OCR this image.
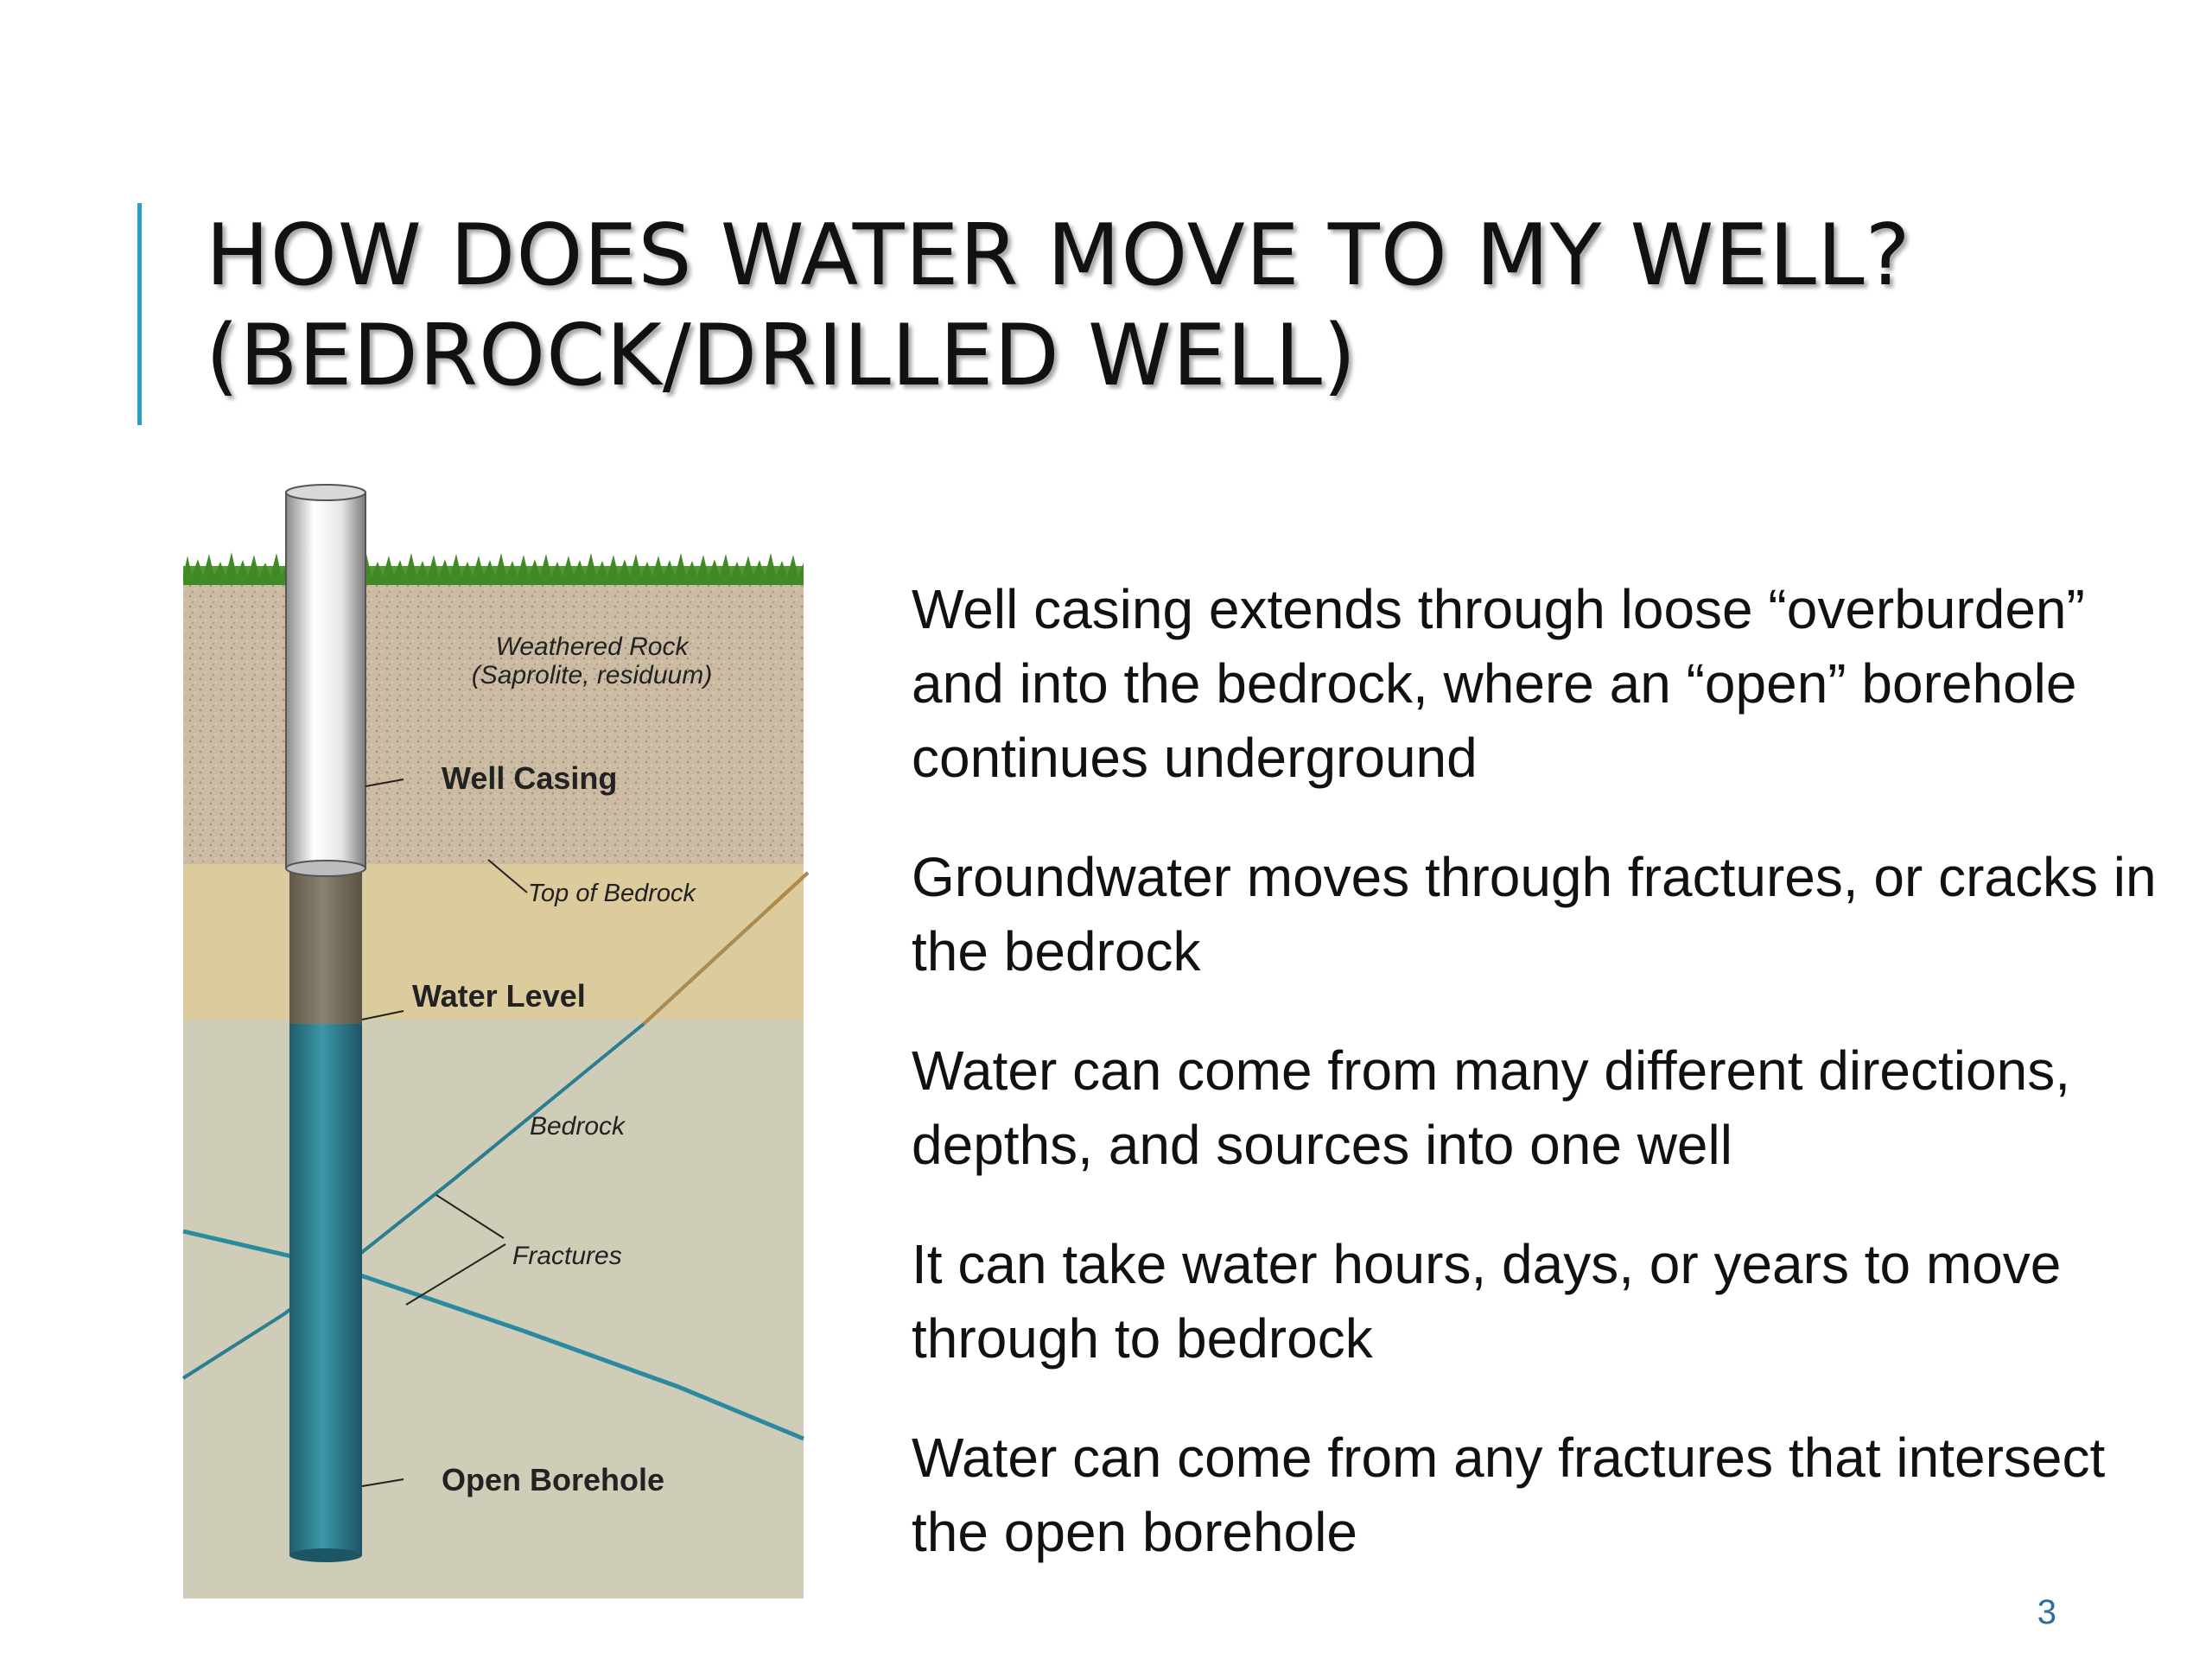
HOW DOES WATER MOVE TO MY WELL?
(BEDROCK/DRILLED WELL)
Weathered Rock
(Saprolite, residuum)
Well Casing
Top of Bedrock
Water Level
Bedrock
Fractures
Open Borehole
Well casing extends through loose “overburden” and into the bedrock, where an “open” borehole continues underground
Groundwater moves through fractures, or cracks in the bedrock
Water can come from many different directions, depths, and sources into one well
It can take water hours, days, or years to move through to bedrock
Water can come from any fractures that intersect the open borehole
3
